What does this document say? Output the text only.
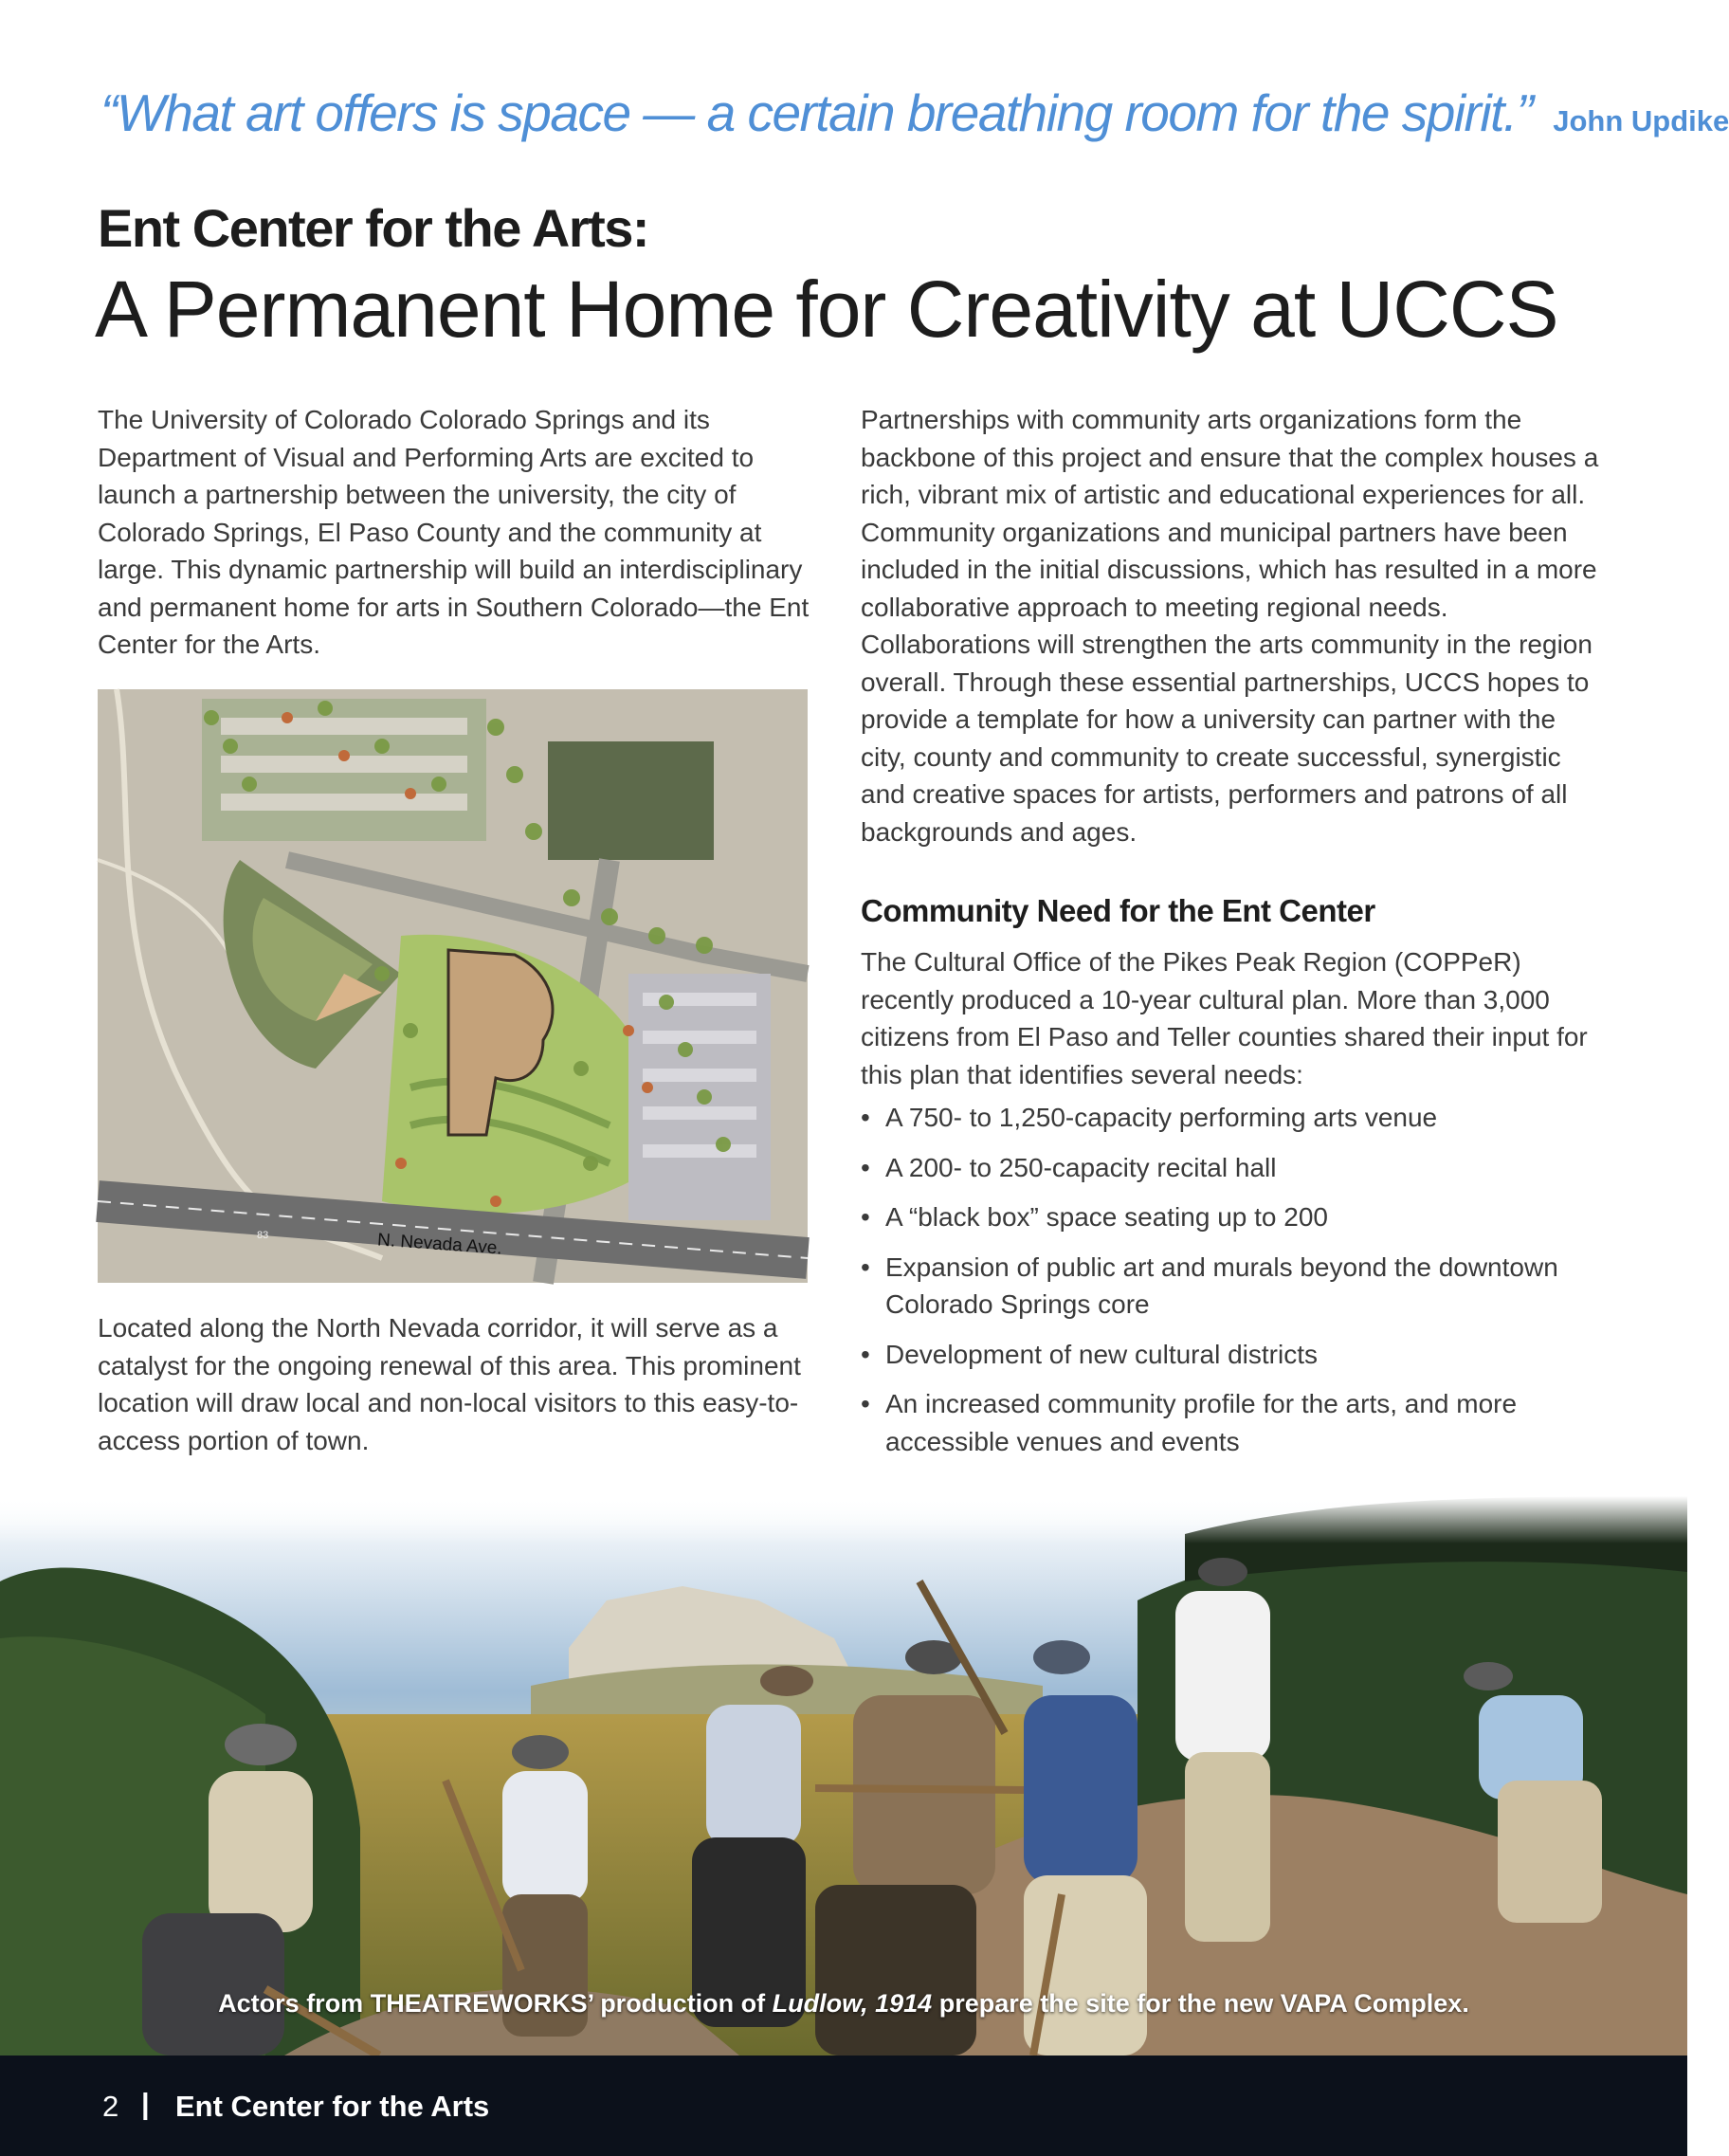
“What art offers is space — a certain breathing room for the spirit.” John Updike
Ent Center for the Arts:
A Permanent Home for Creativity at UCCS

The University of Colorado Colorado Springs and its Department of Visual and Performing Arts are excited to launch a partnership between the university, the city of Colorado Springs, El Paso County and the community at large. This dynamic partnership will build an interdisciplinary and permanent home for arts in Southern Colorado—the Ent Center for the Arts.

83	N. Nevada Ave.

Located along the North Nevada corridor, it will serve as a catalyst for the ongoing renewal of this area. This prominent location will draw local and non-local visitors to this easy-to-access portion of town.

Partnerships with community arts organizations form the backbone of this project and ensure that the complex houses a rich, vibrant mix of artistic and educational experiences for all. Community organizations and municipal partners have been included in the initial discussions, which has resulted in a more collaborative approach to meeting regional needs. Collaborations will strengthen the arts community in the region overall. Through these essential partnerships, UCCS hopes to provide a template for how a university can partner with the city, county and community to create successful, synergistic and creative spaces for artists, performers and patrons of all backgrounds and ages.

Community Need for the Ent Center

The Cultural Office of the Pikes Peak Region (COPPeR) recently produced a 10-year cultural plan. More than 3,000 citizens from El Paso and Teller counties shared their input for this plan that identifies several needs:

• A 750- to 1,250-capacity performing arts venue
• A 200- to 250-capacity recital hall
• A “black box” space seating up to 200
• Expansion of public art and murals beyond the downtown Colorado Springs core
• Development of new cultural districts
• An increased community profile for the arts, and more accessible venues and events
Actors from THEATREWORKS’ production of Ludlow, 1914 prepare the site for the new VAPA Complex.
2 | Ent Center for the Arts
